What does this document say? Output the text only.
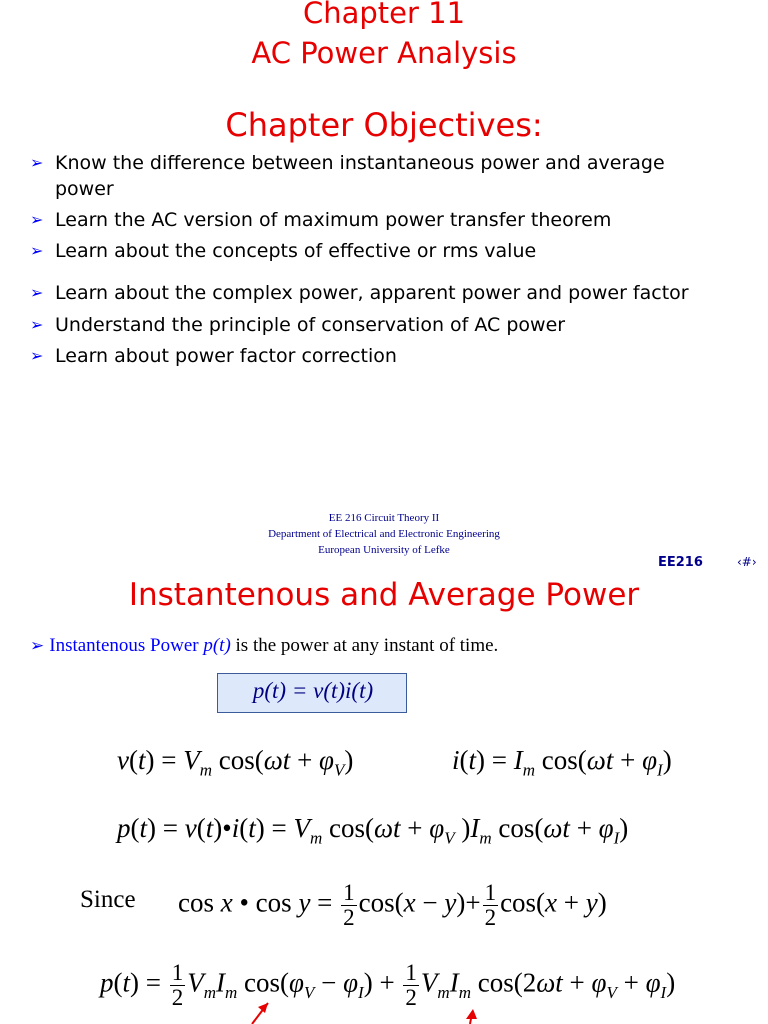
Chapter 11
AC Power Analysis
Chapter Objectives:
➢ Know the difference between instantaneous power and average power
➢ Learn the AC version of maximum power transfer theorem
➢ Learn about the concepts of effective or rms value
➢ Learn about the complex power, apparent power and power factor
➢ Understand the principle of conservation of AC power
➢ Learn about power factor correction
EE 216 Circuit Theory II
Department of Electrical and Electronic Engineering
European University of Lefke
EE216	‹#›
Instantenous and Average Power
➢ Instantenous Power p(t) is the power at any instant of time.
p(t) = v(t)i(t)
$v(t) = V_m$ $\cos(\omega t + \varphi_V)$	$i(t) = I_m$ $\cos(\omega t + \varphi_I)$
p(t) = v(t)•i(t) = $V_m$ $\cos(\omega t + \varphi_V$ )$I_m$ $\cos(\omega t + \varphi_I)$
Since cos x • $\cos y = \frac{1}{2} \cos(x - y)+ \frac{1}{2} \cos(x + y)$
$p(t) = \frac{1}{2} V_mI_m$ $\cos(\varphi_V - \varphi_I) + \frac{1}{2} V_mI_m$ $\cos(2\omega t + \varphi_V + \varphi_I)$
